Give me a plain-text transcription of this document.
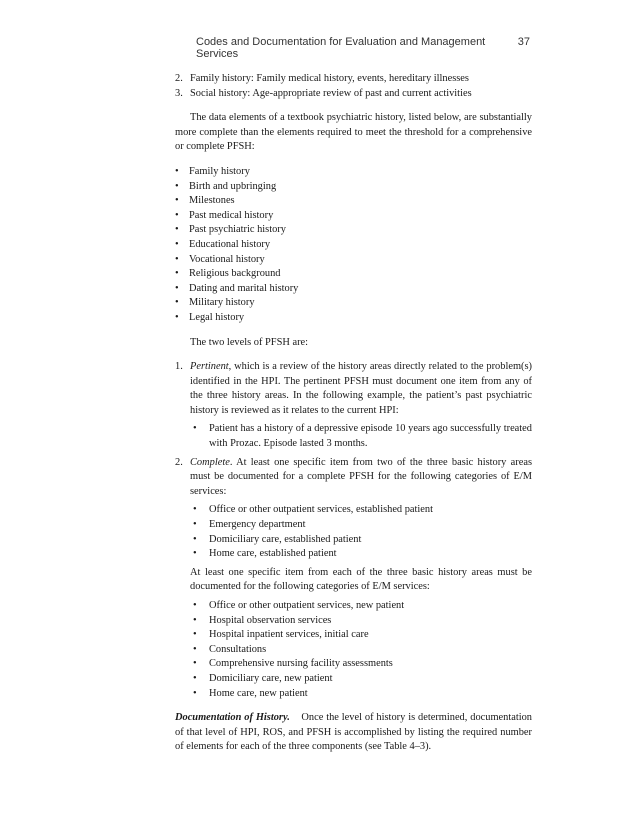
Codes and Documentation for Evaluation and Management Services
37
2. Family history: Family medical history, events, hereditary illnesses
3. Social history: Age-appropriate review of past and current activities

The data elements of a textbook psychiatric history, listed below, are substantially more complete than the elements required to meet the threshold for a comprehensive or complete PFSH:

• Family history
• Birth and upbringing
• Milestones
• Past medical history
• Past psychiatric history
• Educational history
• Vocational history
• Religious background
• Dating and marital history
• Military history
• Legal history

The two levels of PFSH are:

1. Pertinent, which is a review of the history areas directly related to the problem(s) identified in the HPI. The pertinent PFSH must document one item from any of the three history areas. In the following example, the patient’s past psychiatric history is reviewed as it relates to the current HPI:

• Patient has a history of a depressive episode 10 years ago successfully treated with Prozac. Episode lasted 3 months.
2. Complete. At least one specific item from two of the three basic history areas must be documented for a complete PFSH for the following categories of E/M services:

• Office or other outpatient services, established patient
• Emergency department
• Domiciliary care, established patient
• Home care, established patient

At least one specific item from each of the three basic history areas must be documented for the following categories of E/M services:

• Office or other outpatient services, new patient
• Hospital observation services
• Hospital inpatient services, initial care
• Consultations
• Comprehensive nursing facility assessments
• Domiciliary care, new patient
• Home care, new patient

Documentation of History. Once the level of history is determined, documentation of that level of HPI, ROS, and PFSH is accomplished by listing the required number of elements for each of the three components (see Table 4–3).
